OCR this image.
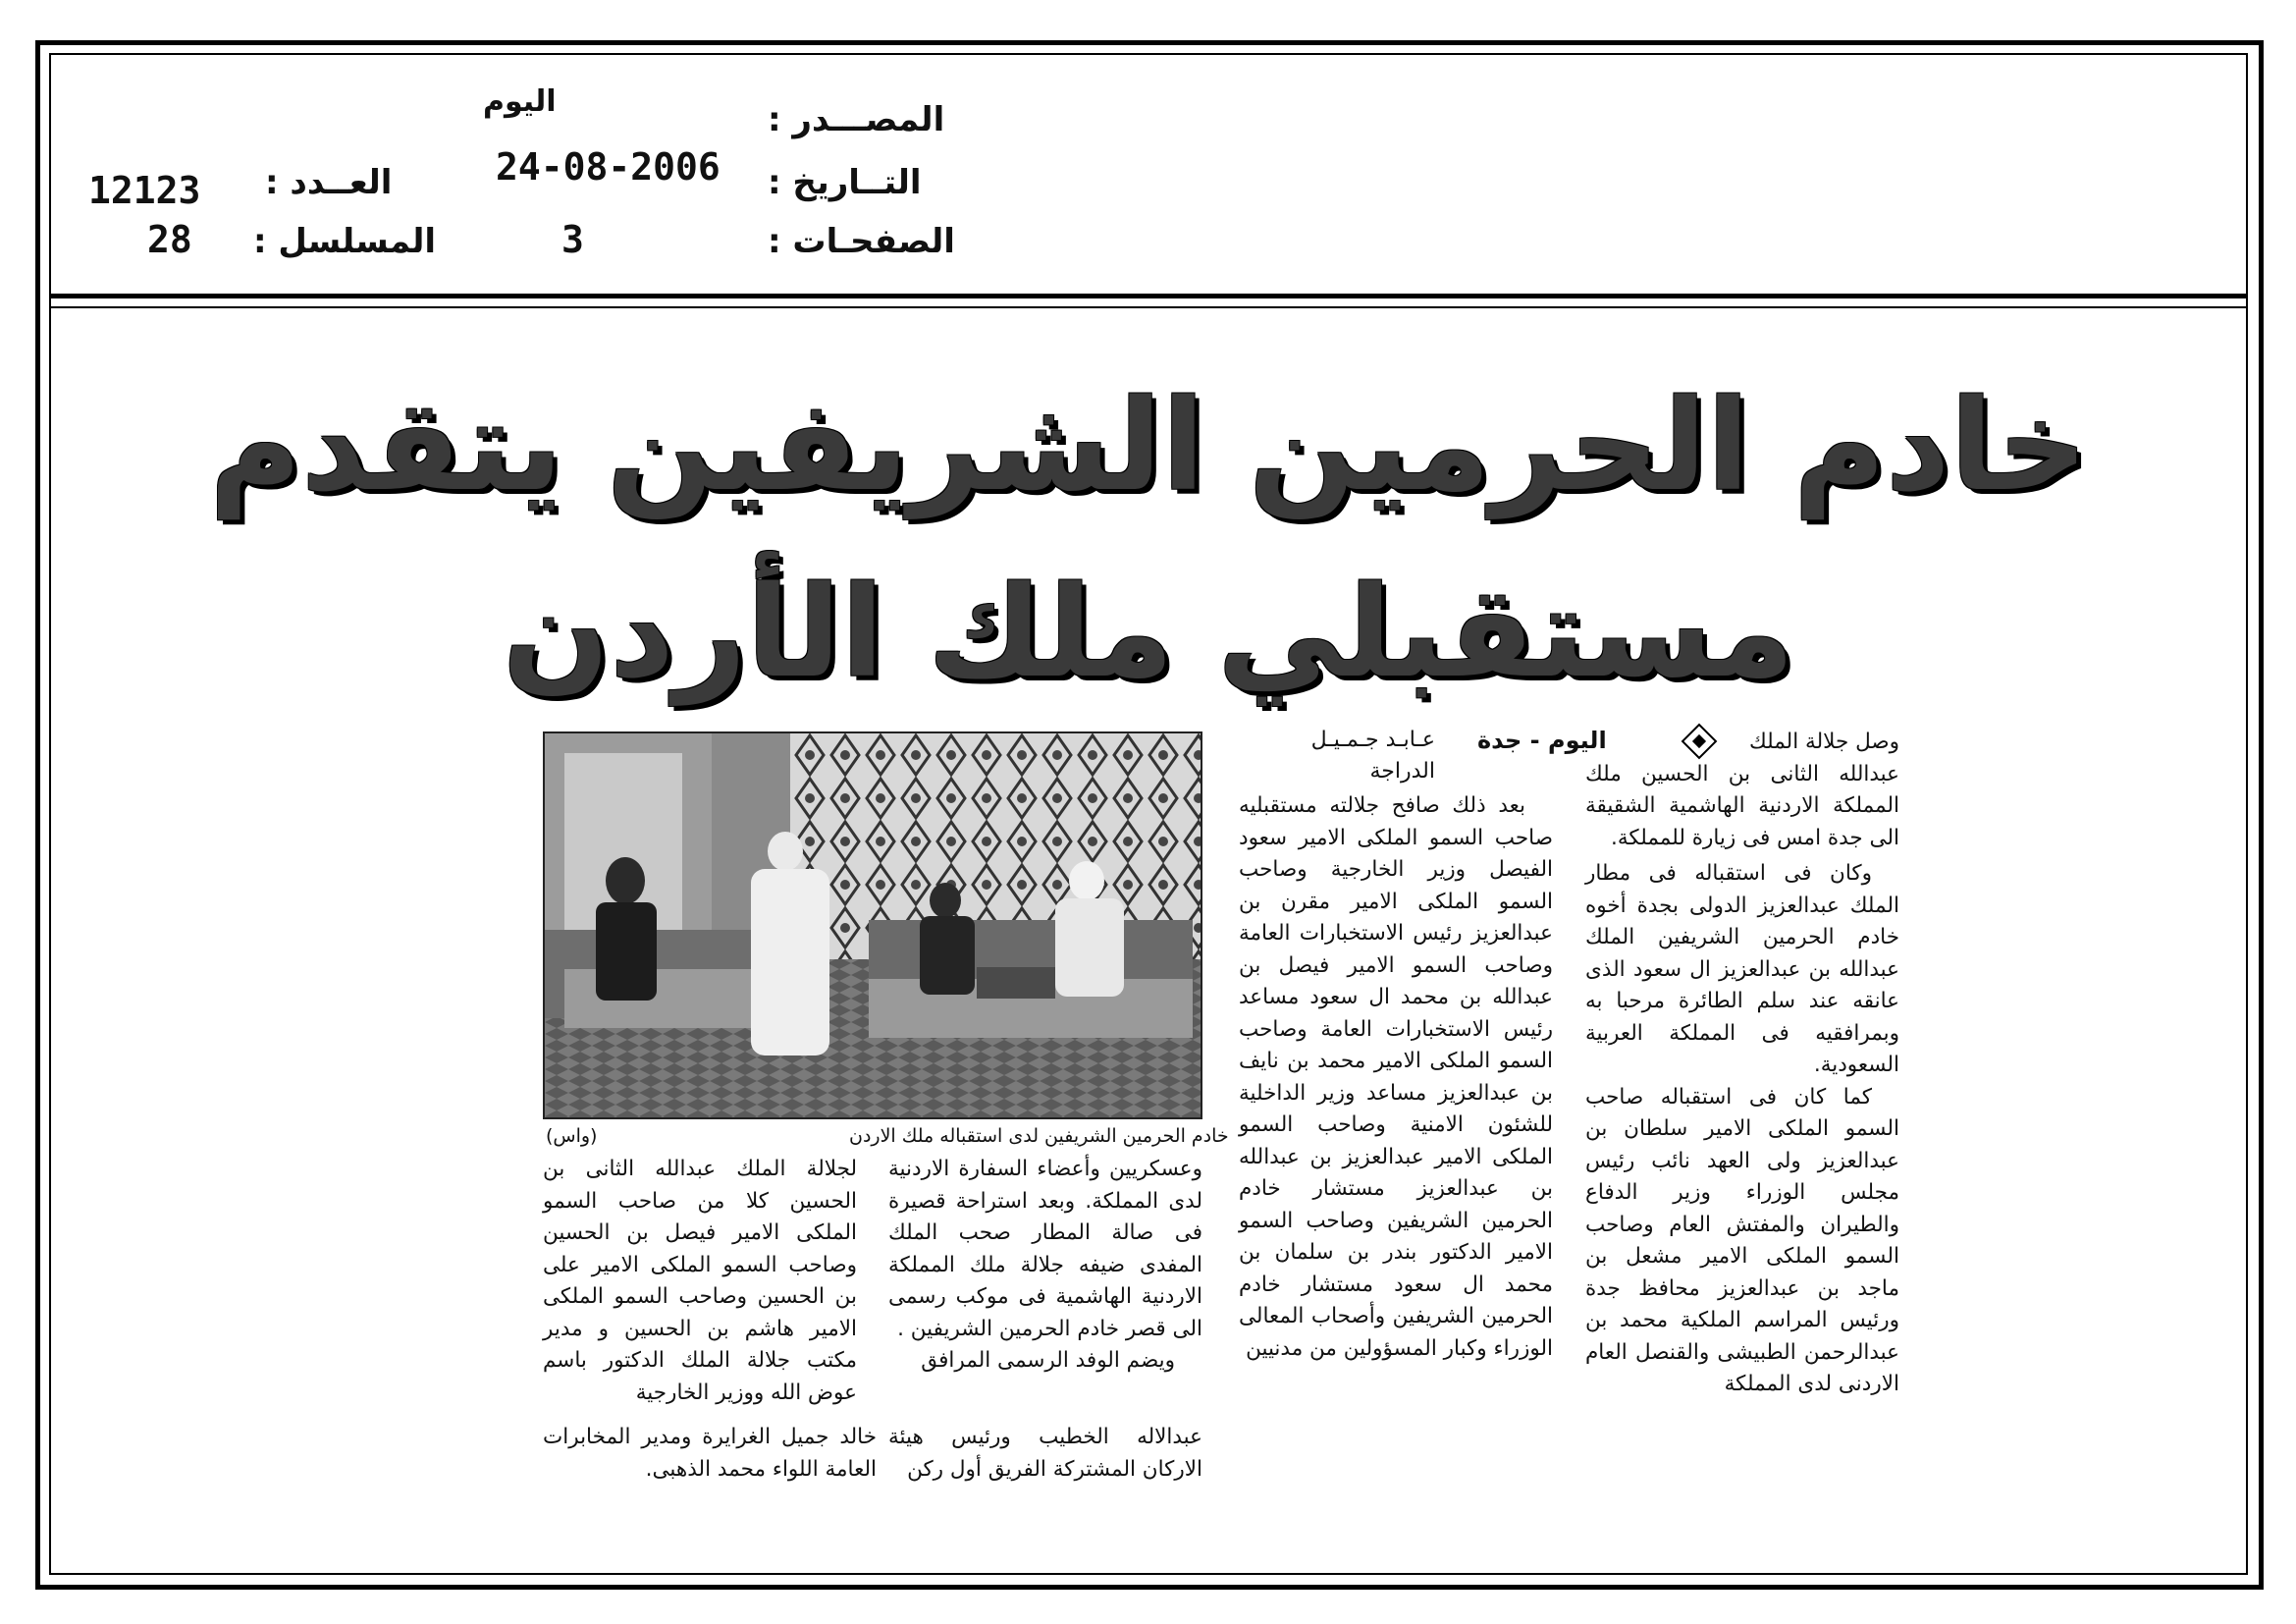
المصـــدر :
اليوم
التــاريخ :
24-08-2006
الصفحـات :
3
العــدد :
12123
المسلسل :
28
خادم الحرمين الشريفين يتقدم مستقبلي ملك الأردن
اليوم - جدة
عـابـد جـمـيـل
الدراجة

وصل جلالة الملك

عبدالله الثانى بن الحسين ملك المملكة الاردنية الهاشمية الشقيقة الى جدة امس فى زيارة للمملكة.

وكان فى استقباله فى مطار الملك عبدالعزيز الدولى بجدة أخوه خادم الحرمين الشريفين الملك عبدالله بن عبدالعزيز ال سعود الذى عانقه عند سلم الطائرة مرحبا به وبمرافقيه فى المملكة العربية السعودية.

كما كان فى استقباله صاحب السمو الملكى الامير سلطان بن عبدالعزيز ولى العهد نائب رئيس مجلس الوزراء وزير الدفاع والطيران والمفتش العام وصاحب السمو الملكى الامير مشعل بن ماجد بن عبدالعزيز محافظ جدة ورئيس المراسم الملكية محمد بن عبدالرحمن الطبيشى والقنصل العام الاردنى لدى المملكة

بعد ذلك صافح جلالته مستقبليه صاحب السمو الملكى الامير سعود الفيصل وزير الخارجية وصاحب السمو الملكى الامير مقرن بن عبدالعزيز رئيس الاستخبارات العامة وصاحب السمو الامير فيصل بن عبدالله بن محمد ال سعود مساعد رئيس الاستخبارات العامة وصاحب السمو الملكى الامير محمد بن نايف بن عبدالعزيز مساعد وزير الداخلية للشئون الامنية وصاحب السمو الملكى الامير عبدالعزيز بن عبدالله بن عبدالعزيز مستشار خادم الحرمين الشريفين وصاحب السمو الامير الدكتور بندر بن سلمان بن محمد ال سعود مستشار خادم الحرمين الشريفين وأصحاب المعالى الوزراء وكبار المسؤولين من مدنيين

خادم الحرمين الشريفين لدى استقباله ملك الاردن
(واس)

وعسكريين وأعضاء السفارة الاردنية لدى المملكة. وبعد استراحة قصيرة فى صالة المطار صحب الملك المفدى ضيفه جلالة ملك المملكة الاردنية الهاشمية فى موكب رسمى الى قصر خادم الحرمين الشريفين .

ويضم الوفد الرسمى المرافق

لجلالة الملك عبدالله الثانى بن الحسين كلا من صاحب السمو الملكى الامير فيصل بن الحسين وصاحب السمو الملكى الامير على بن الحسين وصاحب السمو الملكى الامير هاشم بن الحسين و مدير مكتب جلالة الملك الدكتور باسم عوض الله ووزير الخارجية

عبدالاله الخطيب ورئيس هيئة الاركان المشتركة الفريق أول ركن

خالد جميل الغرايرة ومدير المخابرات العامة اللواء محمد الذهبى.
